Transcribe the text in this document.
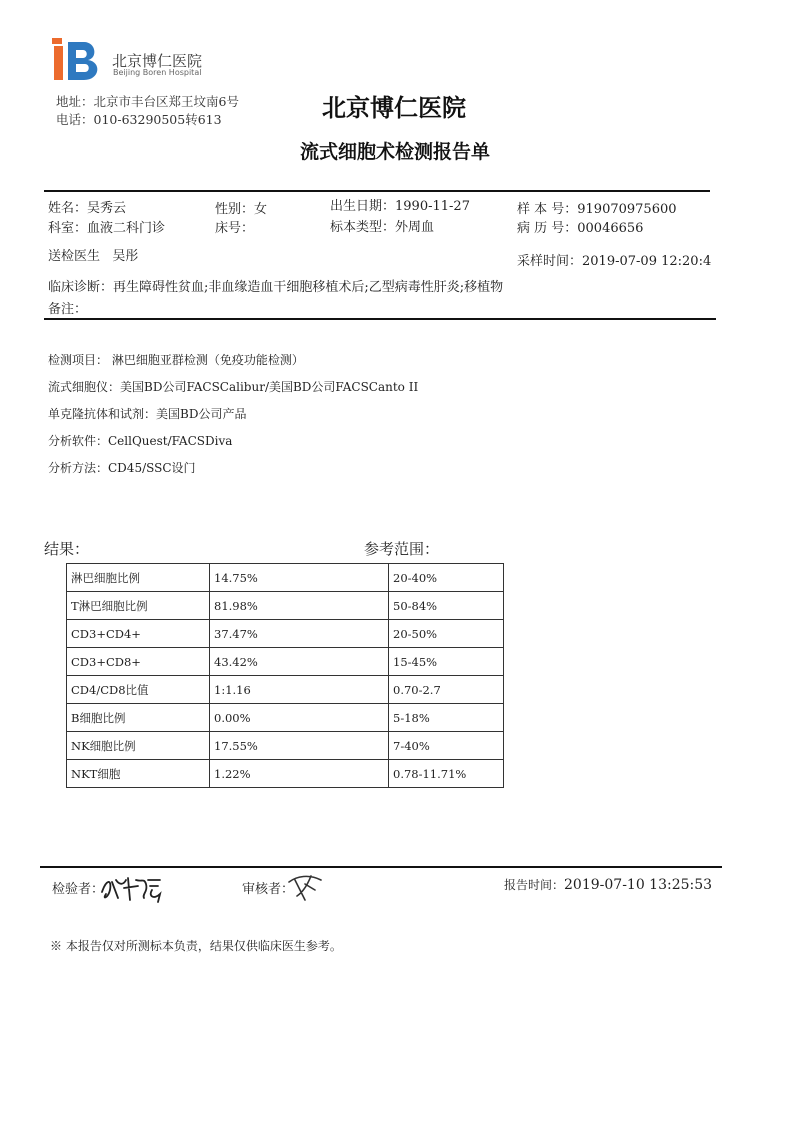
北京博仁医院
Beijing Boren Hospital
地址：北京市丰台区郑王坟南6号
电话：010-63290505转613	北京博仁医院
流式细胞术检测报告单
姓名：吴秀云	性别：女	出生日期：1990-11-27	样 本 号：919070975600
科室：血液二科门诊	床号：	标本类型：外周血	病 历 号：00046656
送检医生 吴彤	采样时间：2019-07-09 12:20:4
临床诊断：再生障碍性贫血;非血缘造血干细胞移植术后;乙型病毒性肝炎;移植物
备注：
检测项目： 淋巴细胞亚群检测（免疫功能检测）
流式细胞仪：美国BD公司FACSCalibur/美国BD公司FACSCanto II
单克隆抗体和试剂：美国BD公司产品
分析软件：CellQuest/FACSDiva
分析方法：CD45/SSC设门
结果：	参考范围：
淋巴细胞比例	14.75%	20-40%
T淋巴细胞比例	81.98%	50-84%
CD3+CD4+	37.47%	20-50%
CD3+CD8+	43.42%	15-45%
CD4/CD8比值	1:1.16	0.70-2.7
B细胞比例	0.00%	5-18%
NK细胞比例	17.55%	7-40%
NKT细胞	1.22%	0.78-11.71%
检验者：	审核者：	报告时间：2019-07-10 13:25:53
※ 本报告仅对所测标本负责，结果仅供临床医生参考。
